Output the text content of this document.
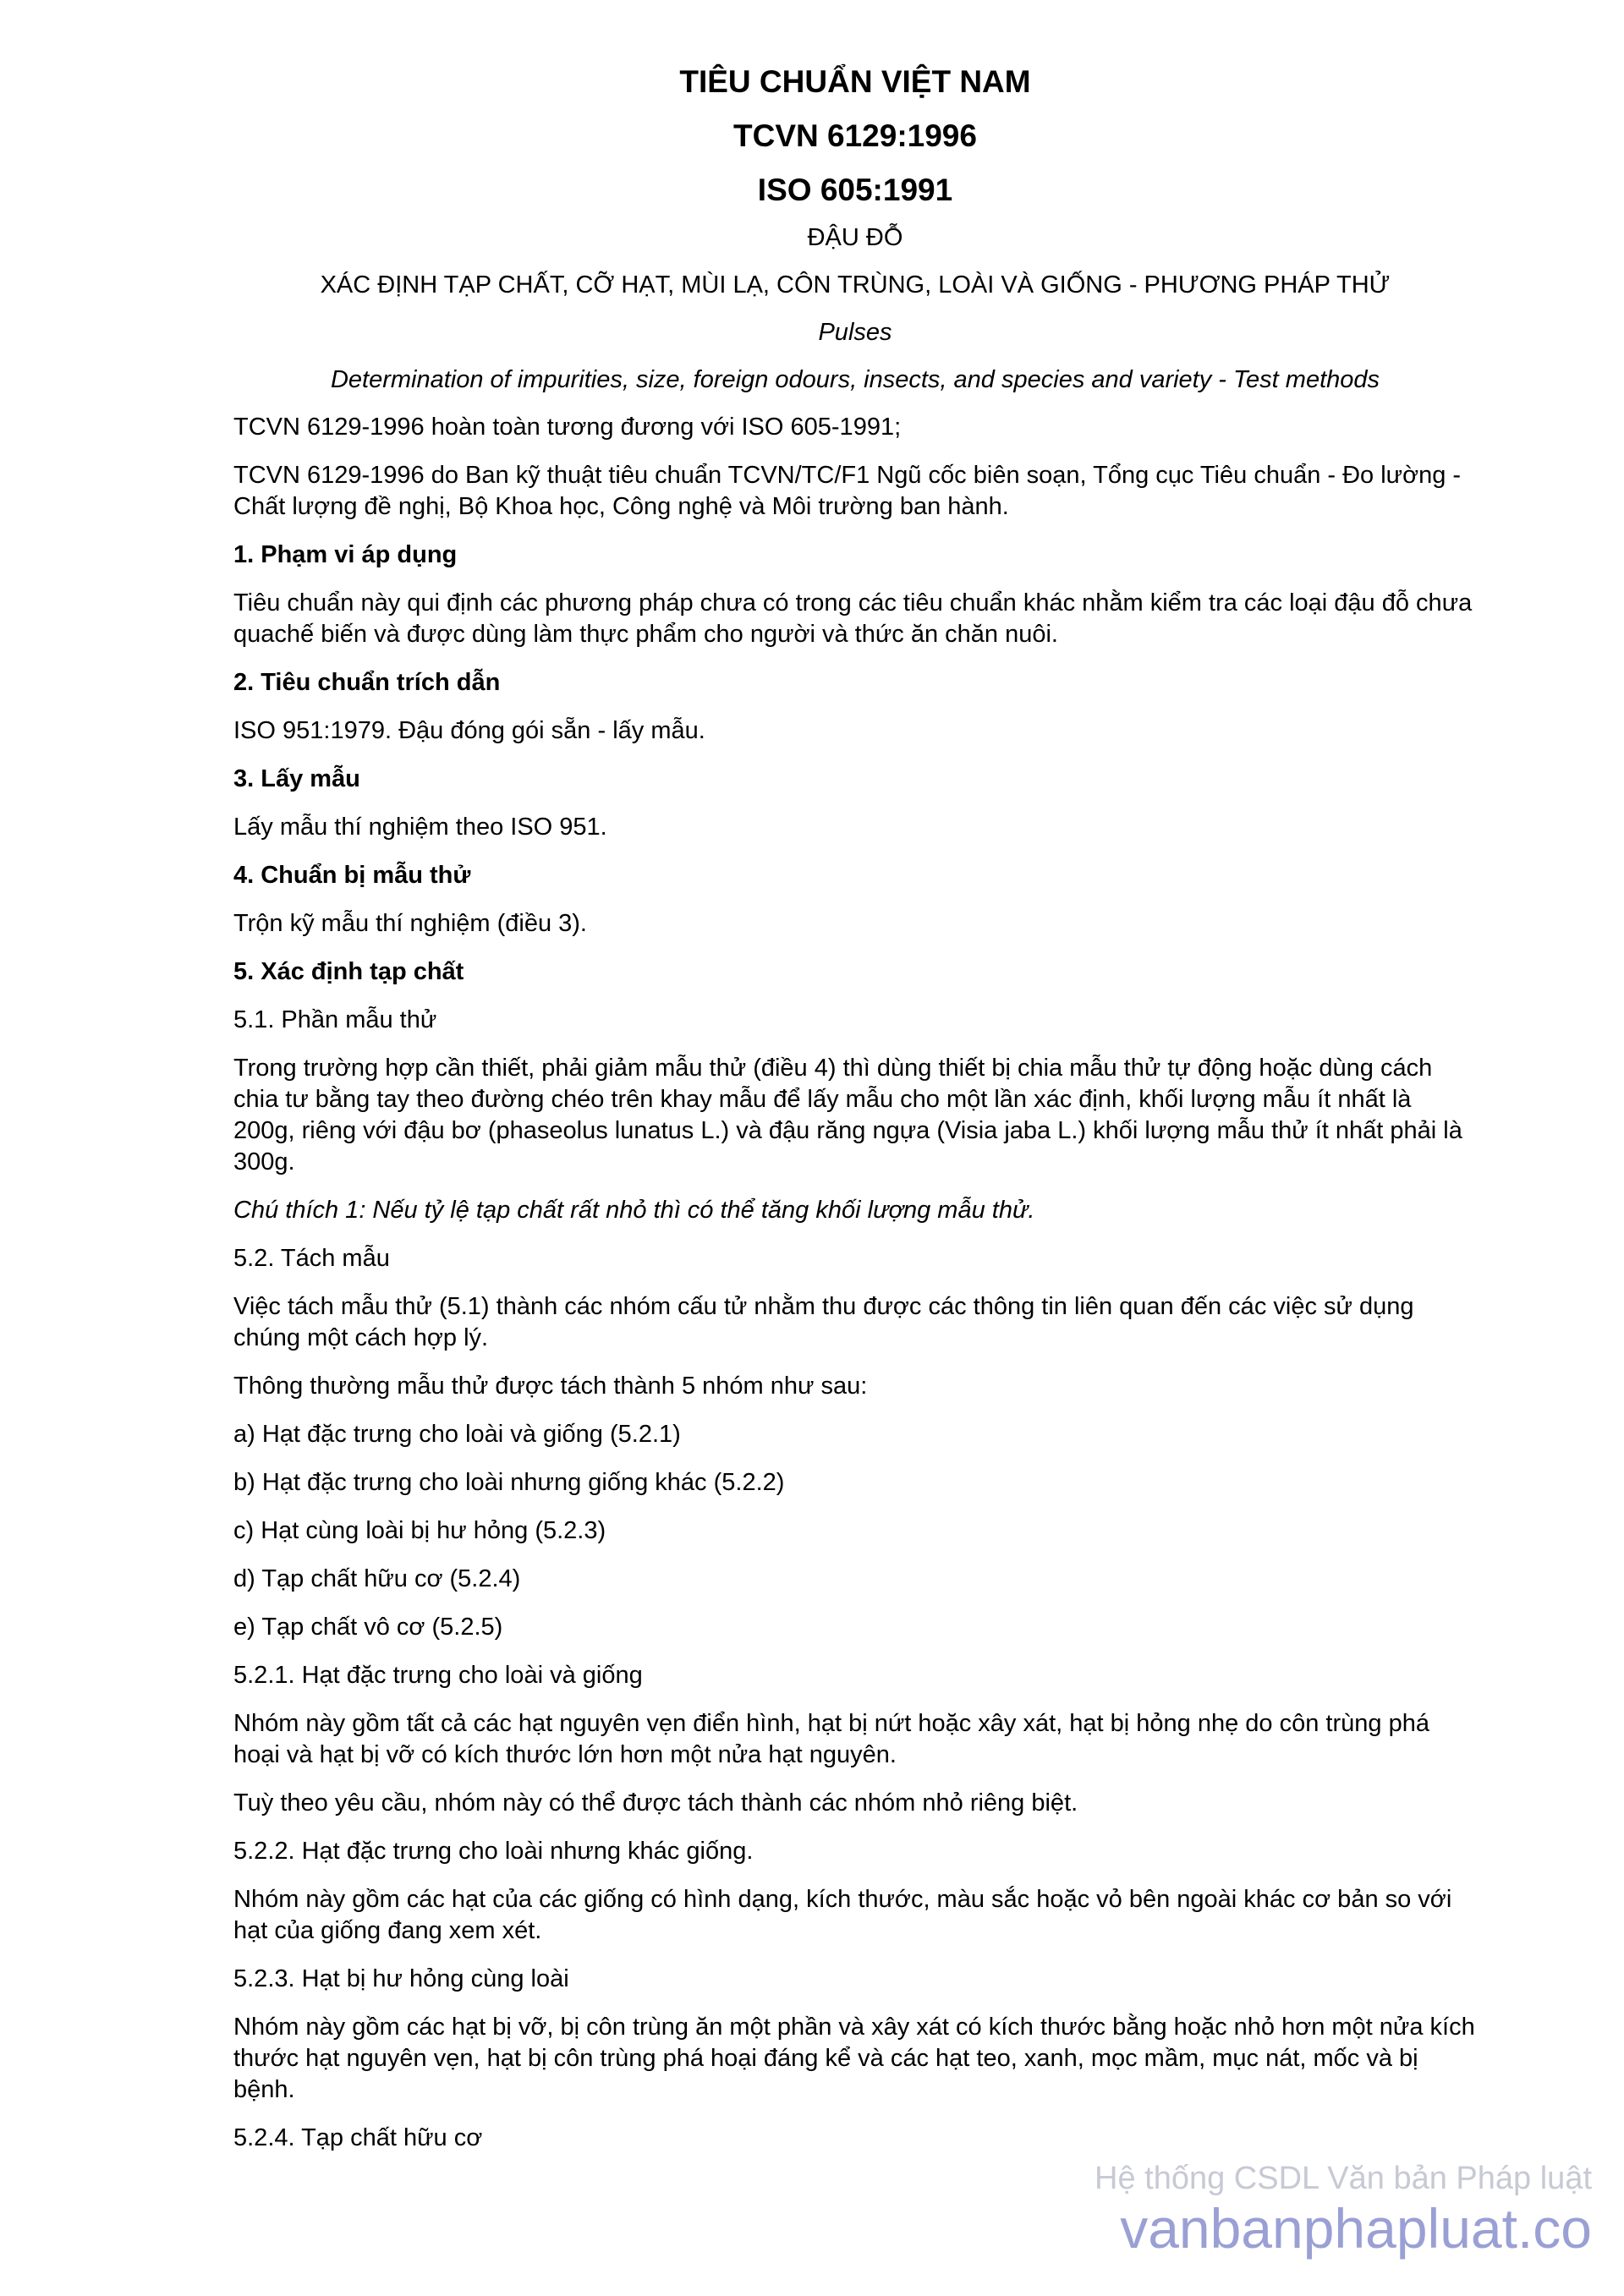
TIÊU CHUẨN VIỆT NAM
TCVN 6129:1996
ISO 605:1991
ĐẬU ĐỖ
XÁC ĐỊNH TẠP CHẤT, CỠ HẠT, MÙI LẠ, CÔN TRÙNG, LOÀI VÀ GIỐNG - PHƯƠNG PHÁP THỬ
Pulses
Determination of impurities, size, foreign odours, insects, and species and variety - Test methods

TCVN 6129-1996 hoàn toàn tương đương với ISO 605-1991;

TCVN 6129-1996 do Ban kỹ thuật tiêu chuẩn TCVN/TC/F1 Ngũ cốc biên soạn, Tổng cục Tiêu chuẩn - Đo lường - Chất lượng đề nghị, Bộ Khoa học, Công nghệ và Môi trường ban hành.

1. Phạm vi áp dụng

Tiêu chuẩn này qui định các phương pháp chưa có trong các tiêu chuẩn khác nhằm kiểm tra các loại đậu đỗ chưa quachế biến và được dùng làm thực phẩm cho người và thức ăn chăn nuôi.

2. Tiêu chuẩn trích dẫn

ISO 951:1979. Đậu đóng gói sẵn - lấy mẫu.

3. Lấy mẫu

Lấy mẫu thí nghiệm theo ISO 951.

4. Chuẩn bị mẫu thử

Trộn kỹ mẫu thí nghiệm (điều 3).

5. Xác định tạp chất

5.1. Phần mẫu thử

Trong trường hợp cần thiết, phải giảm mẫu thử (điều 4) thì dùng thiết bị chia mẫu thử tự động hoặc dùng cách chia tư bằng tay theo đường chéo trên khay mẫu để lấy mẫu cho một lần xác định, khối lượng mẫu ít nhất là 200g, riêng với đậu bơ (phaseolus lunatus L.) và đậu răng ngựa (Visia jaba L.) khối lượng mẫu thử ít nhất phải là 300g.

Chú thích 1: Nếu tỷ lệ tạp chất rất nhỏ thì có thể tăng khối lượng mẫu thử.

5.2. Tách mẫu

Việc tách mẫu thử (5.1) thành các nhóm cấu tử nhằm thu được các thông tin liên quan đến các việc sử dụng chúng một cách hợp lý.

Thông thường mẫu thử được tách thành 5 nhóm như sau:

a) Hạt đặc trưng cho loài và giống (5.2.1)

b) Hạt đặc trưng cho loài nhưng giống khác (5.2.2)

c) Hạt cùng loài bị hư hỏng (5.2.3)

d) Tạp chất hữu cơ (5.2.4)

e) Tạp chất vô cơ (5.2.5)

5.2.1. Hạt đặc trưng cho loài và giống

Nhóm này gồm tất cả các hạt nguyên vẹn điển hình, hạt bị nứt hoặc xây xát, hạt bị hỏng nhẹ do côn trùng phá hoại và hạt bị vỡ có kích thước lớn hơn một nửa hạt nguyên.

Tuỳ theo yêu cầu, nhóm này có thể được tách thành các nhóm nhỏ riêng biệt.

5.2.2. Hạt đặc trưng cho loài nhưng khác giống.

Nhóm này gồm các hạt của các giống có hình dạng, kích thước, màu sắc hoặc vỏ bên ngoài khác cơ bản so với hạt của giống đang xem xét.

5.2.3. Hạt bị hư hỏng cùng loài

Nhóm này gồm các hạt bị vỡ, bị côn trùng ăn một phần và xây xát có kích thước bằng hoặc nhỏ hơn một nửa kích thước hạt nguyên vẹn, hạt bị côn trùng phá hoại đáng kể và các hạt teo, xanh, mọc mầm, mục nát, mốc và bị bệnh.

5.2.4. Tạp chất hữu cơ

Hệ thống CSDL Văn bản Pháp luật
vanbanphapluat.co
